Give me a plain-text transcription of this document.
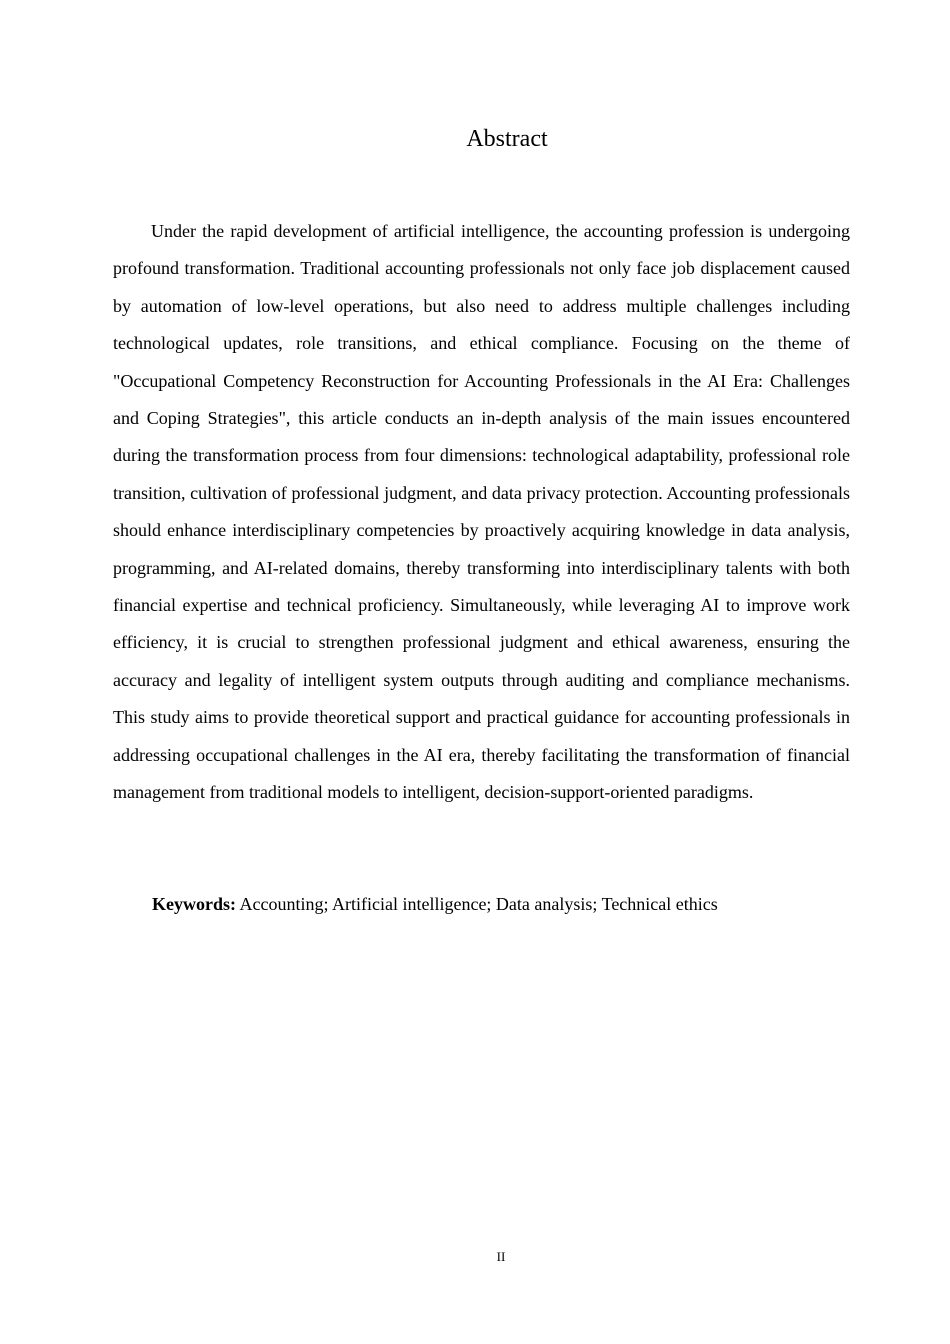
Abstract

Under the rapid development of artificial intelligence, the accounting profession is undergoing profound transformation. Traditional accounting professionals not only face job displacement caused by automation of low-level operations, but also need to address multiple challenges including technological updates, role transitions, and ethical compliance. Focusing on the theme of "Occupational Competency Reconstruction for Accounting Professionals in the AI Era: Challenges and Coping Strategies", this article conducts an in-depth analysis of the main issues encountered during the transformation process from four dimensions: technological adaptability, professional role transition, cultivation of professional judgment, and data privacy protection. Accounting professionals should enhance interdisciplinary competencies by proactively acquiring knowledge in data analysis, programming, and AI-related domains, thereby transforming into interdisciplinary talents with both financial expertise and technical proficiency. Simultaneously, while leveraging AI to improve work efficiency, it is crucial to strengthen professional judgment and ethical awareness, ensuring the accuracy and legality of intelligent system outputs through auditing and compliance mechanisms. This study aims to provide theoretical support and practical guidance for accounting professionals in addressing occupational challenges in the AI era, thereby facilitating the transformation of financial management from traditional models to intelligent, decision-support-oriented paradigms.

Keywords: Accounting; Artificial intelligence; Data analysis; Technical ethics

II
